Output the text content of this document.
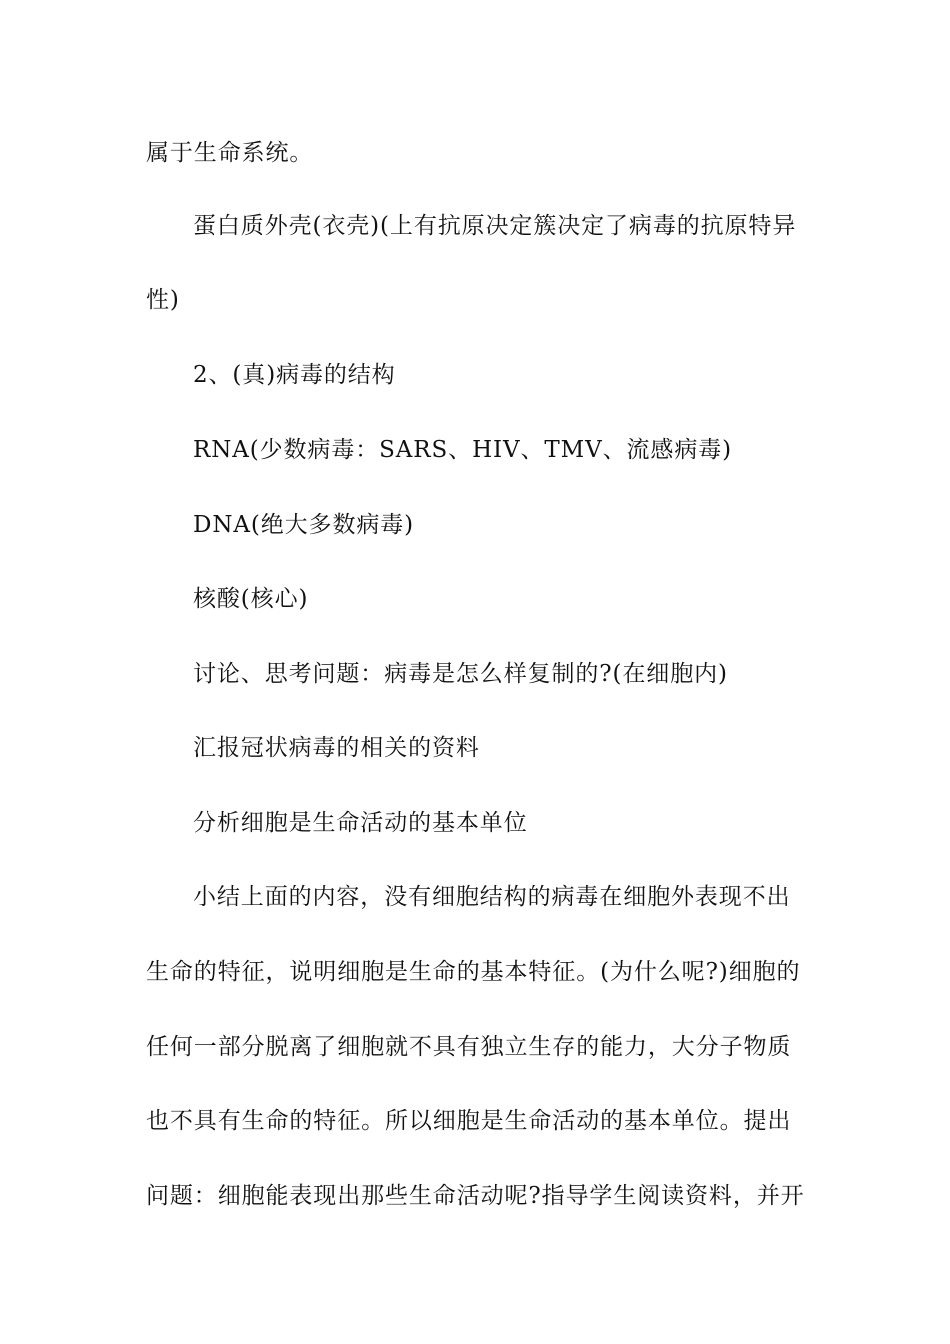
属于生命系统。
蛋白质外壳(衣壳)(上有抗原决定簇决定了病毒的抗原特异
性)
2、(真)病毒的结构
RNA(少数病毒：SARS、HIV、TMV、流感病毒)
DNA(绝大多数病毒)
核酸(核心)
讨论、思考问题：病毒是怎么样复制的?(在细胞内)
汇报冠状病毒的相关的资料
分析细胞是生命活动的基本单位
小结上面的内容，没有细胞结构的病毒在细胞外表现不出
生命的特征，说明细胞是生命的基本特征。(为什么呢?)细胞的
任何一部分脱离了细胞就不具有独立生存的能力，大分子物质
也不具有生命的特征。所以细胞是生命活动的基本单位。提出
问题：细胞能表现出那些生命活动呢?指导学生阅读资料，并开
